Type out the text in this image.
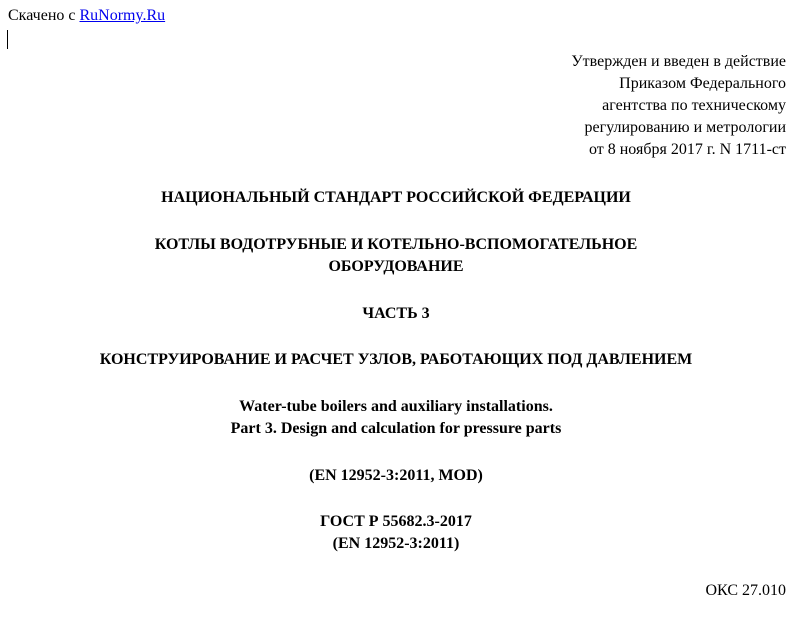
Скачено с RuNormy.Ru
Утвержден и введен в действие
Приказом Федерального
агентства по техническому
регулированию и метрологии
от 8 ноября 2017 г. N 1711-ст
НАЦИОНАЛЬНЫЙ СТАНДАРТ РОССИЙСКОЙ ФЕДЕРАЦИИ
КОТЛЫ ВОДОТРУБНЫЕ И КОТЕЛЬНО-ВСПОМОГАТЕЛЬНОЕ
ОБОРУДОВАНИЕ
ЧАСТЬ 3
КОНСТРУИРОВАНИЕ И РАСЧЕТ УЗЛОВ, РАБОТАЮЩИХ ПОД ДАВЛЕНИЕМ
Water-tube boilers and auxiliary installations.
Part 3. Design and calculation for pressure parts
(EN 12952-3:2011, MOD)
ГОСТ Р 55682.3-2017
(EN 12952-3:2011)
ОКС 27.010
